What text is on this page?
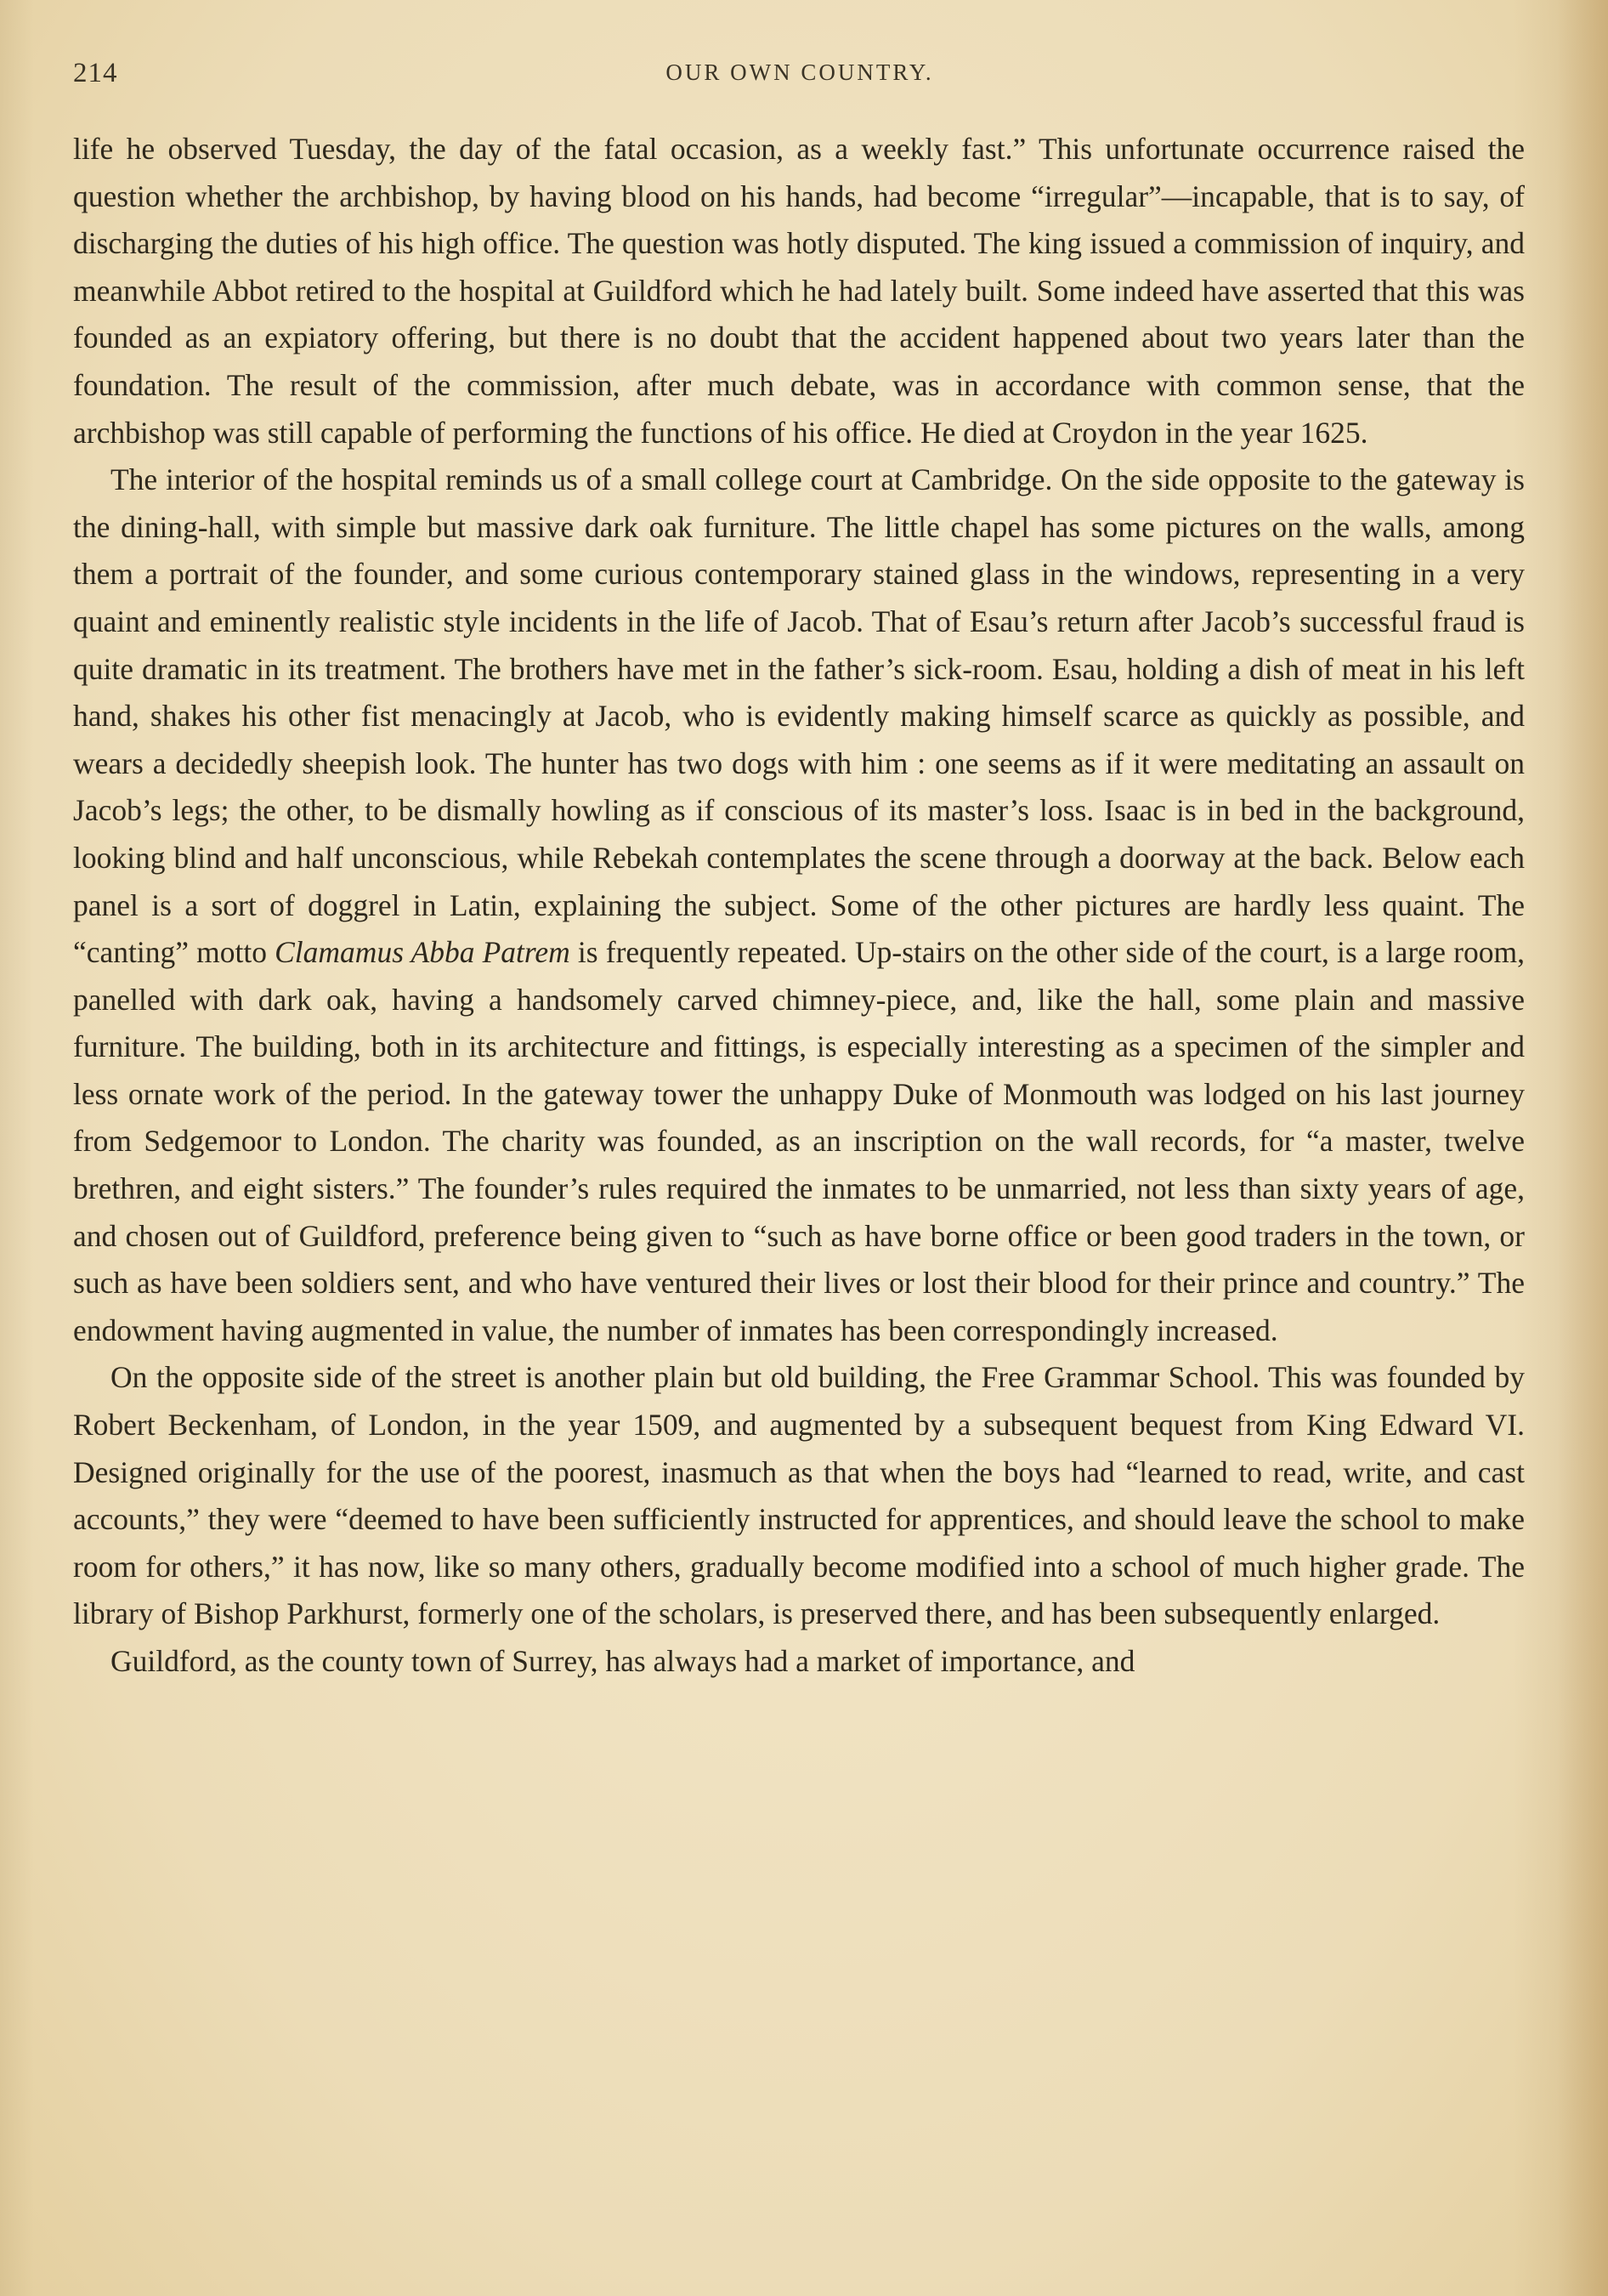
214	OUR OWN COUNTRY.

life he observed Tuesday, the day of the fatal occasion, as a weekly fast.” This unfortunate occurrence raised the question whether the archbishop, by having blood on his hands, had become “irregular”—incapable, that is to say, of discharging the duties of his high office. The question was hotly disputed. The king issued a commission of inquiry, and meanwhile Abbot retired to the hospital at Guildford which he had lately built. Some indeed have asserted that this was founded as an expiatory offering, but there is no doubt that the accident happened about two years later than the foundation. The result of the commission, after much debate, was in accordance with common sense, that the archbishop was still capable of performing the functions of his office. He died at Croydon in the year 1625.

The interior of the hospital reminds us of a small college court at Cambridge. On the side opposite to the gateway is the dining-hall, with simple but massive dark oak furniture. The little chapel has some pictures on the walls, among them a portrait of the founder, and some curious contemporary stained glass in the windows, representing in a very quaint and eminently realistic style incidents in the life of Jacob. That of Esau’s return after Jacob’s successful fraud is quite dramatic in its treatment. The brothers have met in the father’s sick-room. Esau, holding a dish of meat in his left hand, shakes his other fist menacingly at Jacob, who is evidently making himself scarce as quickly as possible, and wears a decidedly sheepish look. The hunter has two dogs with him : one seems as if it were meditating an assault on Jacob’s legs; the other, to be dismally howling as if conscious of its master’s loss. Isaac is in bed in the background, looking blind and half unconscious, while Rebekah contemplates the scene through a doorway at the back. Below each panel is a sort of doggrel in Latin, explaining the subject. Some of the other pictures are hardly less quaint. The “canting” motto Clamamus Abba Patrem is frequently repeated. Up-stairs on the other side of the court, is a large room, panelled with dark oak, having a handsomely carved chimney-piece, and, like the hall, some plain and massive furniture. The building, both in its architecture and fittings, is especially interesting as a specimen of the simpler and less ornate work of the period. In the gateway tower the unhappy Duke of Monmouth was lodged on his last journey from Sedgemoor to London. The charity was founded, as an inscription on the wall records, for “a master, twelve brethren, and eight sisters.” The founder’s rules required the inmates to be unmarried, not less than sixty years of age, and chosen out of Guildford, preference being given to “such as have borne office or been good traders in the town, or such as have been soldiers sent, and who have ventured their lives or lost their blood for their prince and country.” The endowment having augmented in value, the number of inmates has been correspondingly increased.

On the opposite side of the street is another plain but old building, the Free Grammar School. This was founded by Robert Beckenham, of London, in the year 1509, and augmented by a subsequent bequest from King Edward VI. Designed originally for the use of the poorest, inasmuch as that when the boys had “learned to read, write, and cast accounts,” they were “deemed to have been sufficiently instructed for apprentices, and should leave the school to make room for others,” it has now, like so many others, gradually become modified into a school of much higher grade. The library of Bishop Parkhurst, formerly one of the scholars, is preserved there, and has been subsequently enlarged.

Guildford, as the county town of Surrey, has always had a market of importance, and
